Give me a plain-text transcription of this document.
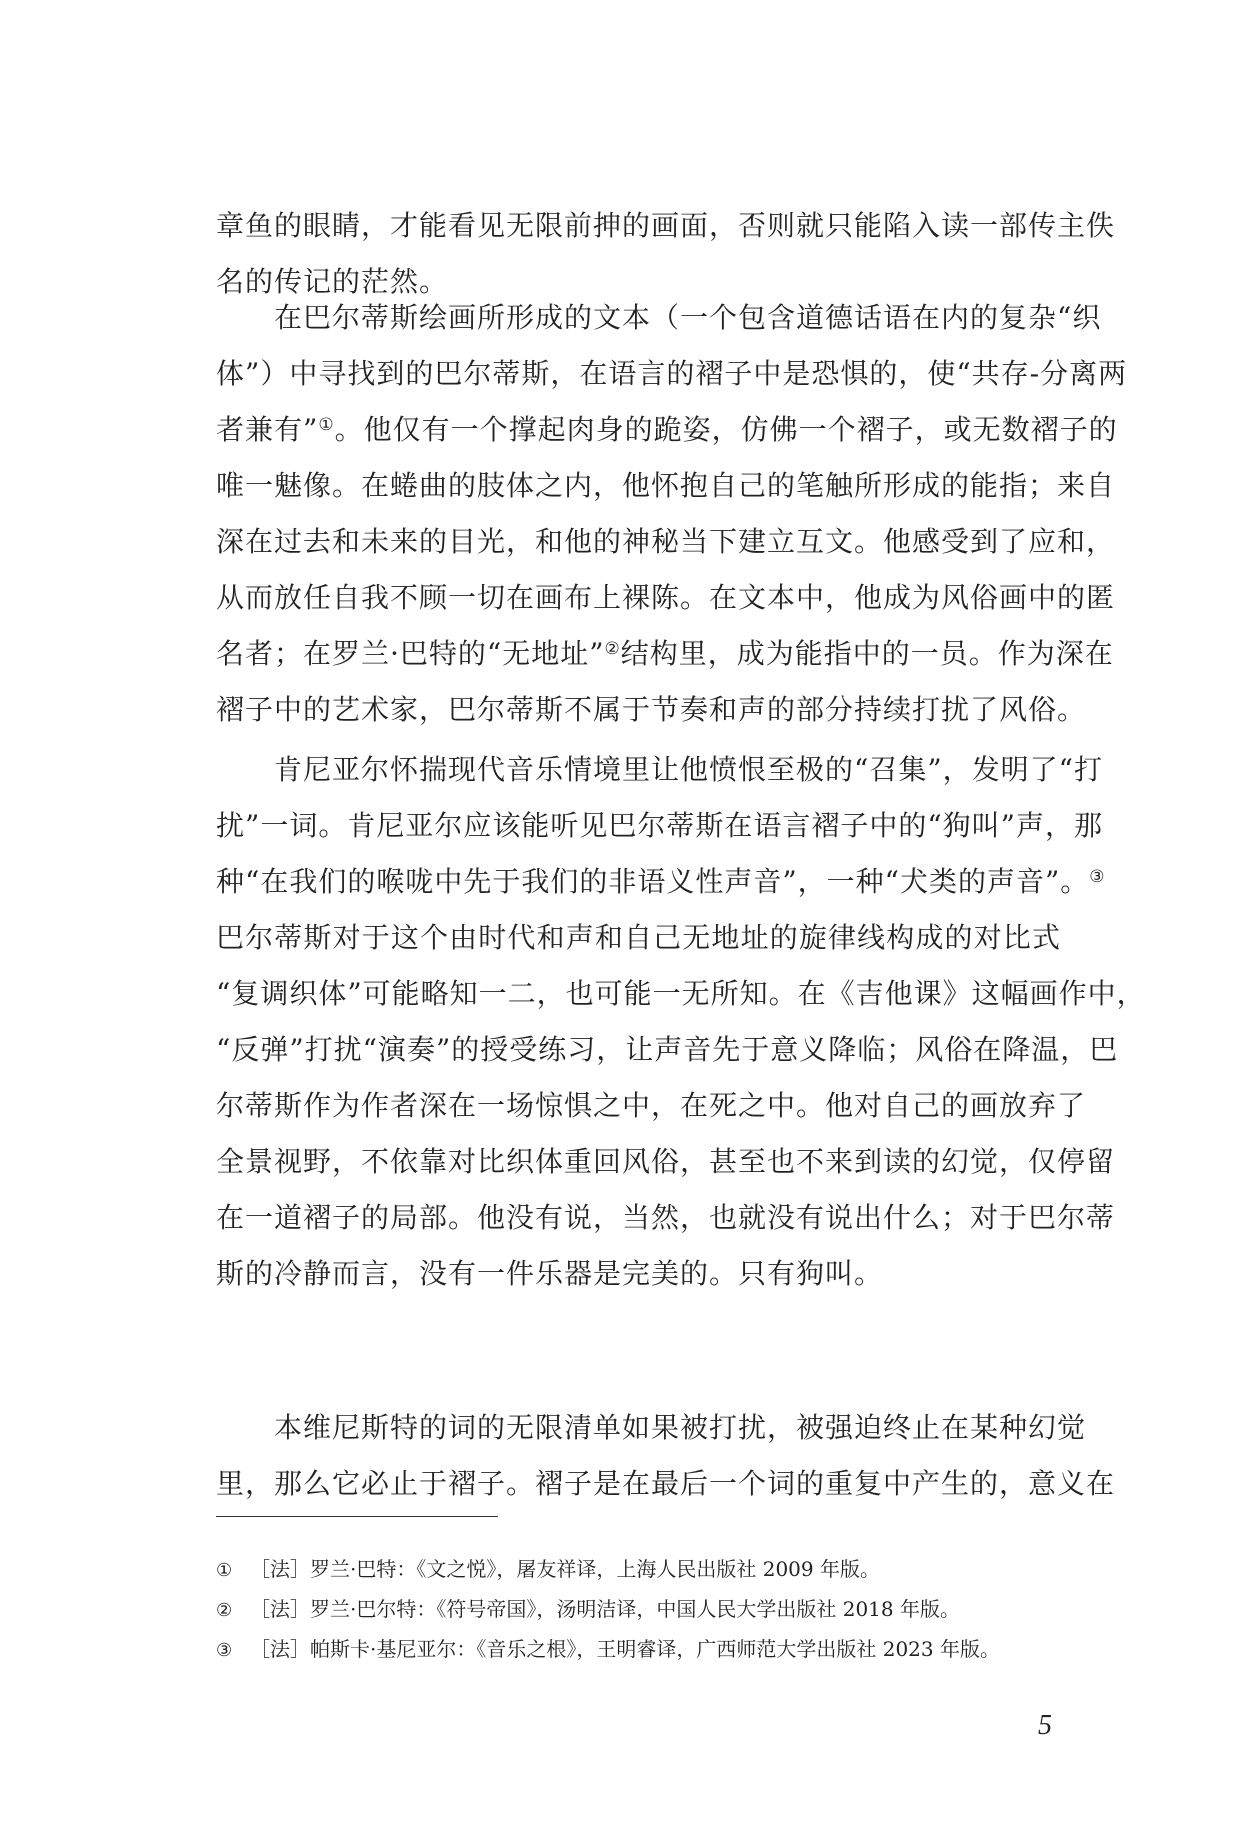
章鱼的眼睛，才能看见无限前抻的画面，否则就只能陷入读一部传主佚
名的传记的茫然。
在巴尔蒂斯绘画所形成的文本（一个包含道德话语在内的复杂“织
体”）中寻找到的巴尔蒂斯，在语言的褶子中是恐惧的，使“共存-分离两
者兼有”①。他仅有一个撑起肉身的跪姿，仿佛一个褶子，或无数褶子的
唯一魅像。在蜷曲的肢体之内，他怀抱自己的笔触所形成的能指；来自
深在过去和未来的目光，和他的神秘当下建立互文。他感受到了应和，
从而放任自我不顾一切在画布上裸陈。在文本中，他成为风俗画中的匿
名者；在罗兰·巴特的“无地址”②结构里，成为能指中的一员。作为深在
褶子中的艺术家，巴尔蒂斯不属于节奏和声的部分持续打扰了风俗。
肯尼亚尔怀揣现代音乐情境里让他愤恨至极的“召集”，发明了“打
扰”一词。肯尼亚尔应该能听见巴尔蒂斯在语言褶子中的“狗叫”声，那
种“在我们的喉咙中先于我们的非语义性声音”，一种“犬类的声音”。③
巴尔蒂斯对于这个由时代和声和自己无地址的旋律线构成的对比式
“复调织体”可能略知一二，也可能一无所知。在《吉他课》这幅画作中，
“反弹”打扰“演奏”的授受练习，让声音先于意义降临；风俗在降温，巴
尔蒂斯作为作者深在一场惊惧之中，在死之中。他对自己的画放弃了
全景视野，不依靠对比织体重回风俗，甚至也不来到读的幻觉，仅停留
在一道褶子的局部。他没有说，当然，也就没有说出什么；对于巴尔蒂
斯的冷静而言，没有一件乐器是完美的。只有狗叫。
本维尼斯特的词的无限清单如果被打扰，被强迫终止在某种幻觉
里，那么它必止于褶子。褶子是在最后一个词的重复中产生的，意义在
① ［法］罗兰·巴特：《文之悦》，屠友祥译，上海人民出版社 2009 年版。
② ［法］罗兰·巴尔特：《符号帝国》，汤明洁译，中国人民大学出版社 2018 年版。
③ ［法］帕斯卡·基尼亚尔：《音乐之根》，王明睿译，广西师范大学出版社 2023 年版。
5
